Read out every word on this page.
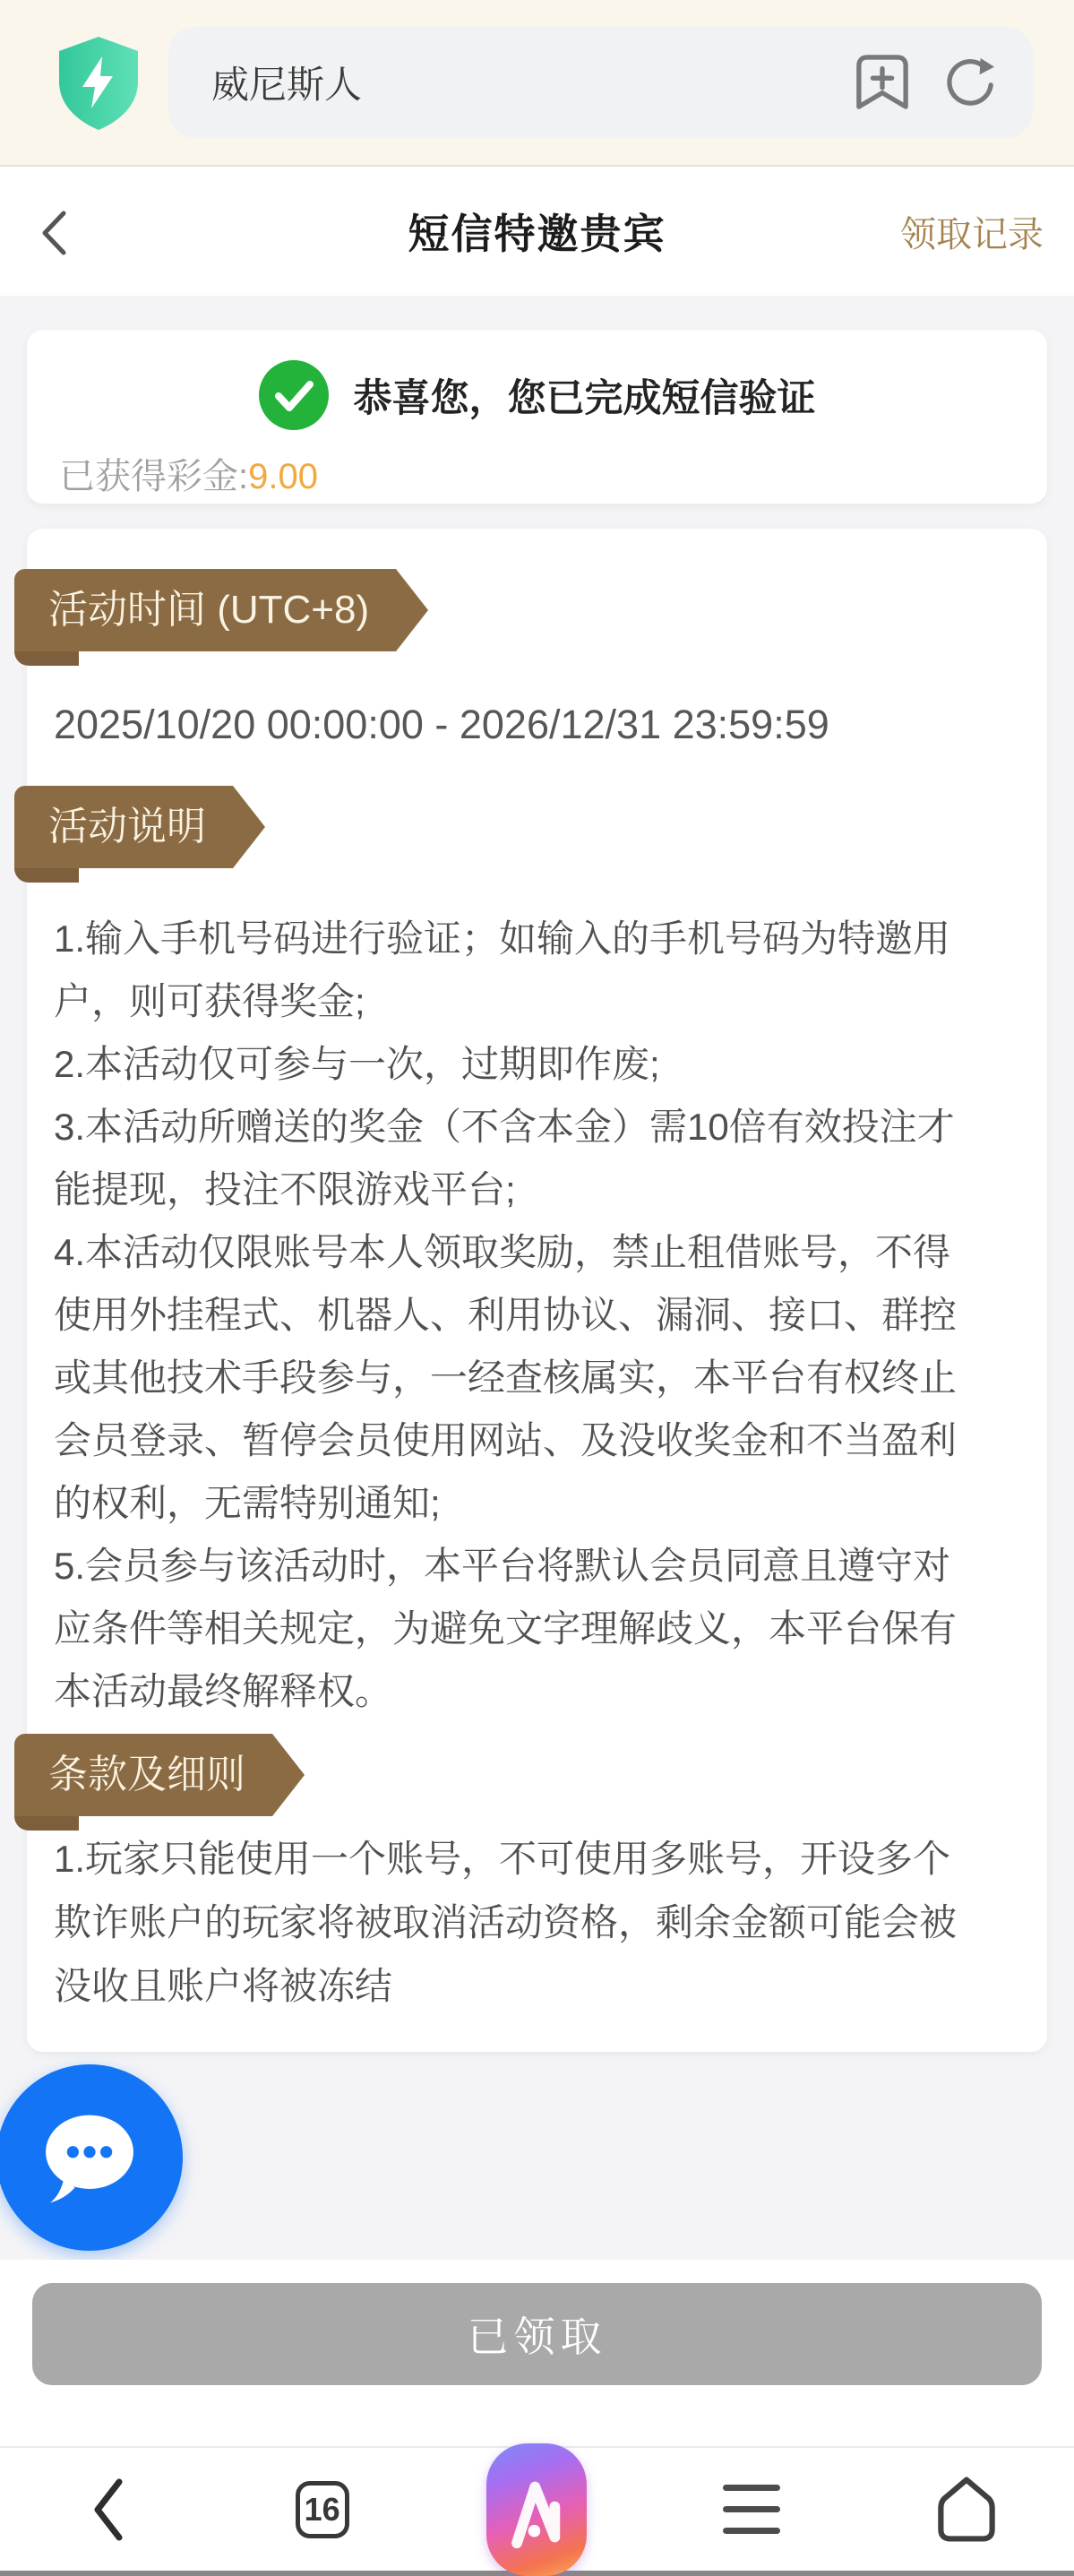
威尼斯人
短信特邀贵宾	领取记录
恭喜您，您已完成短信验证
已获得彩金:9.00
活动时间 (UTC+8)
2025/10/20 00:00:00 - 2026/12/31 23:59:59
活动说明

1.输入手机号码进行验证；如输入的手机号码为特邀用户，则可获得奖金;

2.本活动仅可参与一次，过期即作废;

3.本活动所赠送的奖金（不含本金）需10倍有效投注才能提现，投注不限游戏平台;

4.本活动仅限账号本人领取奖励，禁止租借账号，不得使用外挂程式、机器人、利用协议、漏洞、接口、群控或其他技术手段参与，一经查核属实，本平台有权终止会员登录、暂停会员使用网站、及没收奖金和不当盈利的权利，无需特别通知;

5.会员参与该活动时，本平台将默认会员同意且遵守对应条件等相关规定，为避免文字理解歧义，本平台保有本活动最终解释权。

条款及细则
1.玩家只能使用一个账号，不可使用多账号，开设多个欺诈账户的玩家将被取消活动资格，剩余金额可能会被没收且账户将被冻结
已领取
16
